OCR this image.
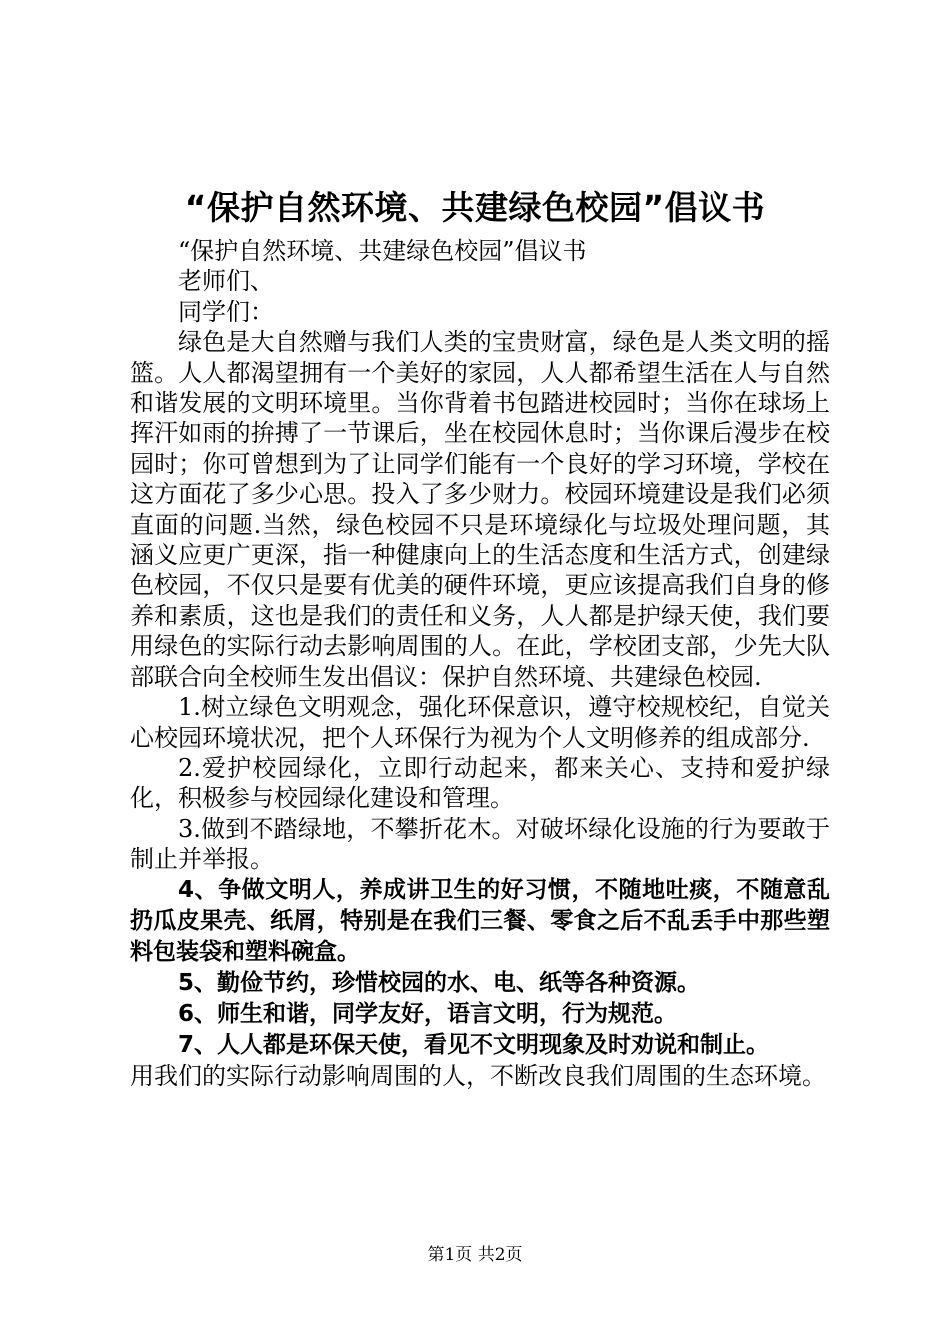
“保护自然环境、共建绿色校园”倡议书

“保护自然环境、共建绿色校园”倡议书

老师们、

同学们：

绿色是大自然赠与我们人类的宝贵财富，绿色是人类文明的摇篮。人人都渴望拥有一个美好的家园，人人都希望生活在人与自然和谐发展的文明环境里。当你背着书包踏进校园时；当你在球场上挥汗如雨的拚搏了一节课后，坐在校园休息时；当你课后漫步在校园时；你可曾想到为了让同学们能有一个良好的学习环境，学校在这方面花了多少心思。投入了多少财力。校园环境建设是我们必须直面的问题.当然，绿色校园不只是环境绿化与垃圾处理问题，其涵义应更广更深，指一种健康向上的生活态度和生活方式，创建绿色校园，不仅只是要有优美的硬件环境，更应该提高我们自身的修养和素质，这也是我们的责任和义务，人人都是护绿天使，我们要用绿色的实际行动去影响周围的人。在此，学校团支部，少先大队部联合向全校师生发出倡议：保护自然环境、共建绿色校园.

1.树立绿色文明观念，强化环保意识，遵守校规校纪，自觉关心校园环境状况，把个人环保行为视为个人文明修养的组成部分.

2.爱护校园绿化，立即行动起来，都来关心、支持和爱护绿化，积极参与校园绿化建设和管理。

3.做到不踏绿地，不攀折花木。对破坏绿化设施的行为要敢于制止并举报。

4、争做文明人，养成讲卫生的好习惯，不随地吐痰，不随意乱扔瓜皮果壳、纸屑，特别是在我们三餐、零食之后不乱丢手中那些塑料包装袋和塑料碗盒。

5、勤俭节约，珍惜校园的水、电、纸等各种资源。

6、师生和谐，同学友好，语言文明，行为规范。

7、人人都是环保天使，看见不文明现象及时劝说和制止。

用我们的实际行动影响周围的人，不断改良我们周围的生态环境。

第1页 共2页
